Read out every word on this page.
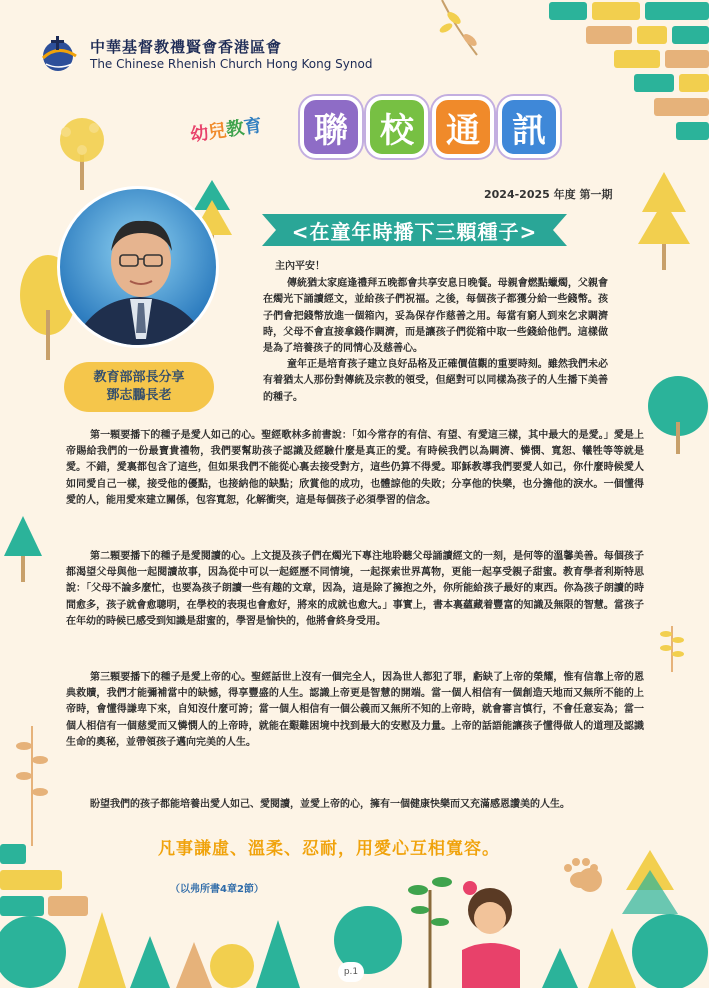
中華基督教禮賢會香港區會
The Chinese Rhenish Church Hong Kong Synod
幼兒教育	聯 校 通 訊
2024-2025 年度 第一期
<在童年時播下三顆種子>
教育部部長分享
鄧志鵬長老

主內平安！

傳統猶太家庭逢禮拜五晚都會共享安息日晚餐。母親會燃點蠟燭，父親會在燭光下誦讀經文，並給孩子們祝福。之後，每個孩子都獲分給一些錢幣。孩子們會把錢幣放進一個箱內，妥為保存作慈善之用。每當有窮人到來乞求賙濟時，父母不會直接拿錢作賙濟，而是讓孩子們從箱中取一些錢給他們。這樣做是為了培養孩子的同情心及慈善心。

童年正是培育孩子建立良好品格及正確價值觀的重要時刻。雖然我們未必有着猶太人那份對傳統及宗教的領受，但絕對可以同樣為孩子的人生播下美善的種子。

第一顆要播下的種子是愛人如己的心。聖經歌林多前書說：「如今常存的有信、有望、有愛這三樣，其中最大的是愛。」愛是上帝賜給我們的一份最寶貴禮物，我們要幫助孩子認識及經驗什麼是真正的愛。有時候我們以為賙濟、憐憫、寬恕、犧牲等等就是愛。不錯，愛裏都包含了這些，但如果我們不能從心裏去接受對方，這些仍算不得愛。耶穌教導我們要愛人如己，你什麼時候愛人如同愛自己一樣，接受他的優點，也接納他的缺點；欣賞他的成功，也體諒他的失敗；分享他的快樂，也分擔他的淚水。一個懂得愛的人，能用愛來建立關係，包容寬恕，化解衝突，這是每個孩子必須學習的信念。

第二顆要播下的種子是愛閱讀的心。上文提及孩子們在燭光下專注地聆聽父母誦讀經文的一刻，是何等的溫馨美善。每個孩子都渴望父母與他一起閱讀故事，因為從中可以一起經歷不同情境，一起探索世界萬物，更能一起享受親子甜蜜。教育學者利斯特思說：「父母不論多麼忙，也要為孩子朗讀一些有趣的文章，因為，這是除了擁抱之外，你所能給孩子最好的東西。你為孩子朗讀的時間愈多，孩子就會愈聰明，在學校的表現也會愈好，將來的成就也愈大。」事實上，書本裏蘊藏着豐富的知識及無限的智慧。當孩子在年幼的時候已感受到知識是甜蜜的，學習是愉快的，他將會終身受用。

第三顆要播下的種子是愛上帝的心。聖經話世上沒有一個完全人，因為世人都犯了罪，虧缺了上帝的榮耀，惟有信靠上帝的恩典救贖，我們才能彌補當中的缺憾，得享豐盛的人生。認識上帝更是智慧的開端。當一個人相信有一個創造天地而又無所不能的上帝時，會懂得謙卑下來，自知沒什麼可誇；當一個人相信有一個公義而又無所不知的上帝時，就會審言慎行，不會任意妄為；當一個人相信有一個慈愛而又憐憫人的上帝時，就能在艱難困境中找到最大的安慰及力量。上帝的話語能讓孩子懂得做人的道理及認識生命的奧秘，並帶領孩子邁向完美的人生。

盼望我們的孩子都能培養出愛人如己、愛閱讀，並愛上帝的心，擁有一個健康快樂而又充滿感恩讚美的人生。

凡事謙虛、溫柔、忍耐，用愛心互相寬容。
（以弗所書4章2節）
p.1
